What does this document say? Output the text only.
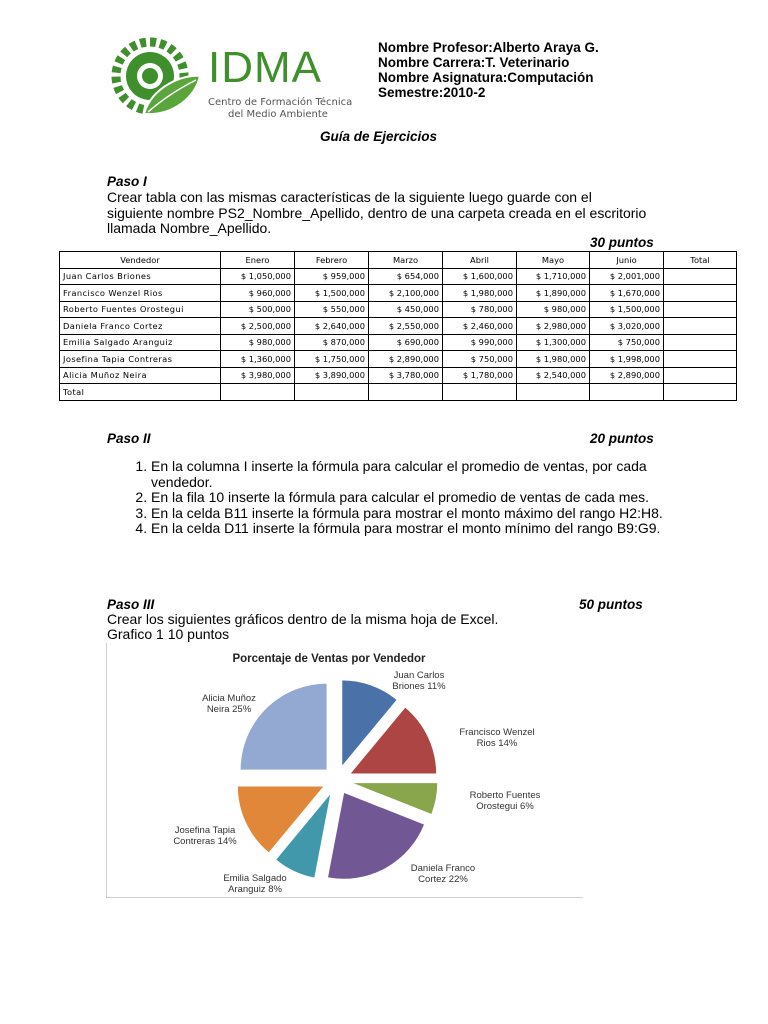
IDMA
Centro de Formación Técnica
del Medio Ambiente
Nombre Profesor:Alberto Araya G.
Nombre Carrera:T. Veterinario
Nombre Asignatura:Computación
Semestre:2010-2
Guía de Ejercicios
Paso I
Crear tabla con las mismas características de la siguiente luego guarde con el siguiente nombre PS2_Nombre_Apellido, dentro de una carpeta creada en el escritorio llamada Nombre_Apellido.
30 puntos
Vendedor	Enero	Febrero	Marzo	Abril	Mayo	Junio	Total
Juan Carlos Briones	$ 1,050,000	$ 959,000	$ 654,000	$ 1,600,000	$ 1,710,000	$ 2,001,000	
Francisco Wenzel Rios	$ 960,000	$ 1,500,000	$ 2,100,000	$ 1,980,000	$ 1,890,000	$ 1,670,000	
Roberto Fuentes Orostegui	$ 500,000	$ 550,000	$ 450,000	$ 780,000	$ 980,000	$ 1,500,000	
Daniela Franco Cortez	$ 2,500,000	$ 2,640,000	$ 2,550,000	$ 2,460,000	$ 2,980,000	$ 3,020,000	
Emilia Salgado Aranguiz	$ 980,000	$ 870,000	$ 690,000	$ 990,000	$ 1,300,000	$ 750,000	
Josefina Tapia Contreras	$ 1,360,000	$ 1,750,000	$ 2,890,000	$ 750,000	$ 1,980,000	$ 1,998,000	
Alicia Muñoz Neira	$ 3,980,000	$ 3,890,000	$ 3,780,000	$ 1,780,000	$ 2,540,000	$ 2,890,000	
Total							
Paso II	20 puntos
1. En la columna I inserte la fórmula para calcular el promedio de ventas, por cada vendedor.
2. En la fila 10 inserte la fórmula para calcular el promedio de ventas de cada mes.
3. En la celda B11 inserte la fórmula para mostrar el monto máximo del rango H2:H8.
4. En la celda D11 inserte la fórmula para mostrar el monto mínimo del rango B9:G9.
Paso III	50 puntos
Crear los siguientes gráficos dentro de la misma hoja de Excel.
Grafico 1 10 puntos
Porcentaje de Ventas por Vendedor
Juan Carlos Briones 11%
Francisco Wenzel Rios 14%
Roberto Fuentes Orostegui 6%
Daniela Franco Cortez 22%
Emilia Salgado Aranguiz 8%
Josefina Tapia Contreras 14%
Alicia Muñoz Neira 25%
